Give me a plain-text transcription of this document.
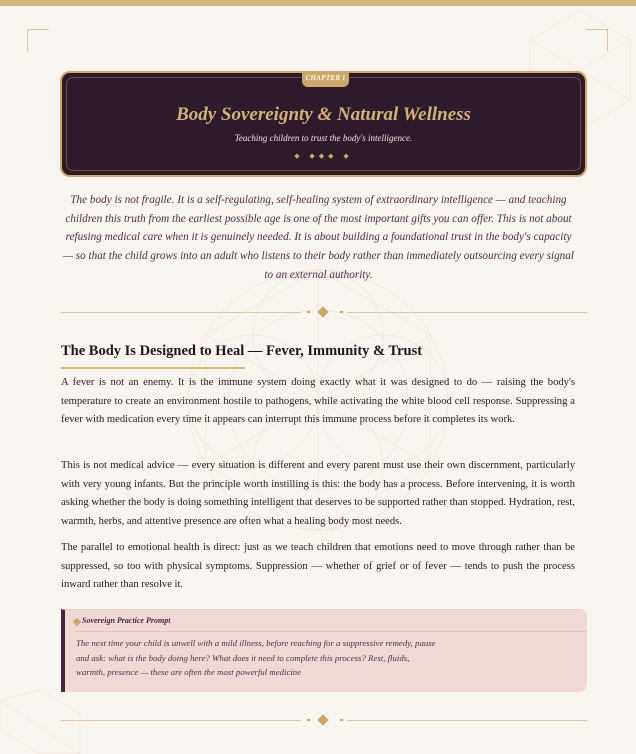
CHAPTER I
Body Sovereignty & Natural Wellness
Teaching children to trust the body's intelligence.
◆ ◆◆◆ ◆

The body is not fragile. It is a self-regulating, self-healing system of extraordinary intelligence — and teaching children this truth from the earliest possible age is one of the most important gifts you can offer. This is not about refusing medical care when it is genuinely needed. It is about building a foundational trust in the body's capacity — so that the child grows into an adult who listens to their body rather than immediately outsourcing every signal to an external authority.

The Body Is Designed to Heal — Fever, Immunity & Trust

A fever is not an enemy. It is the immune system doing exactly what it was designed to do — raising the body's temperature to create an environment hostile to pathogens, while activating the white blood cell response. Suppressing a fever with medication every time it appears can interrupt this immune process before it completes its work.

This is not medical advice — every situation is different and every parent must use their own discernment, particularly with very young infants. But the principle worth instilling is this: the body has a process. Before intervening, it is worth asking whether the body is doing something intelligent that deserves to be supported rather than stopped. Hydration, rest, warmth, herbs, and attentive presence are often what a healing body most needs.

The parallel to emotional health is direct: just as we teach children that emotions need to move through rather than be suppressed, so too with physical symptoms. Suppression — whether of grief or of fever — tends to push the process inward rather than resolve it.

Sovereign Practice Prompt

The next time your child is unwell with a mild illness, before reaching for a suppressive remedy, pause and ask: what is the body doing here? What does it need to complete this process? Rest, fluids, warmth, presence — these are often the most powerful medicine
